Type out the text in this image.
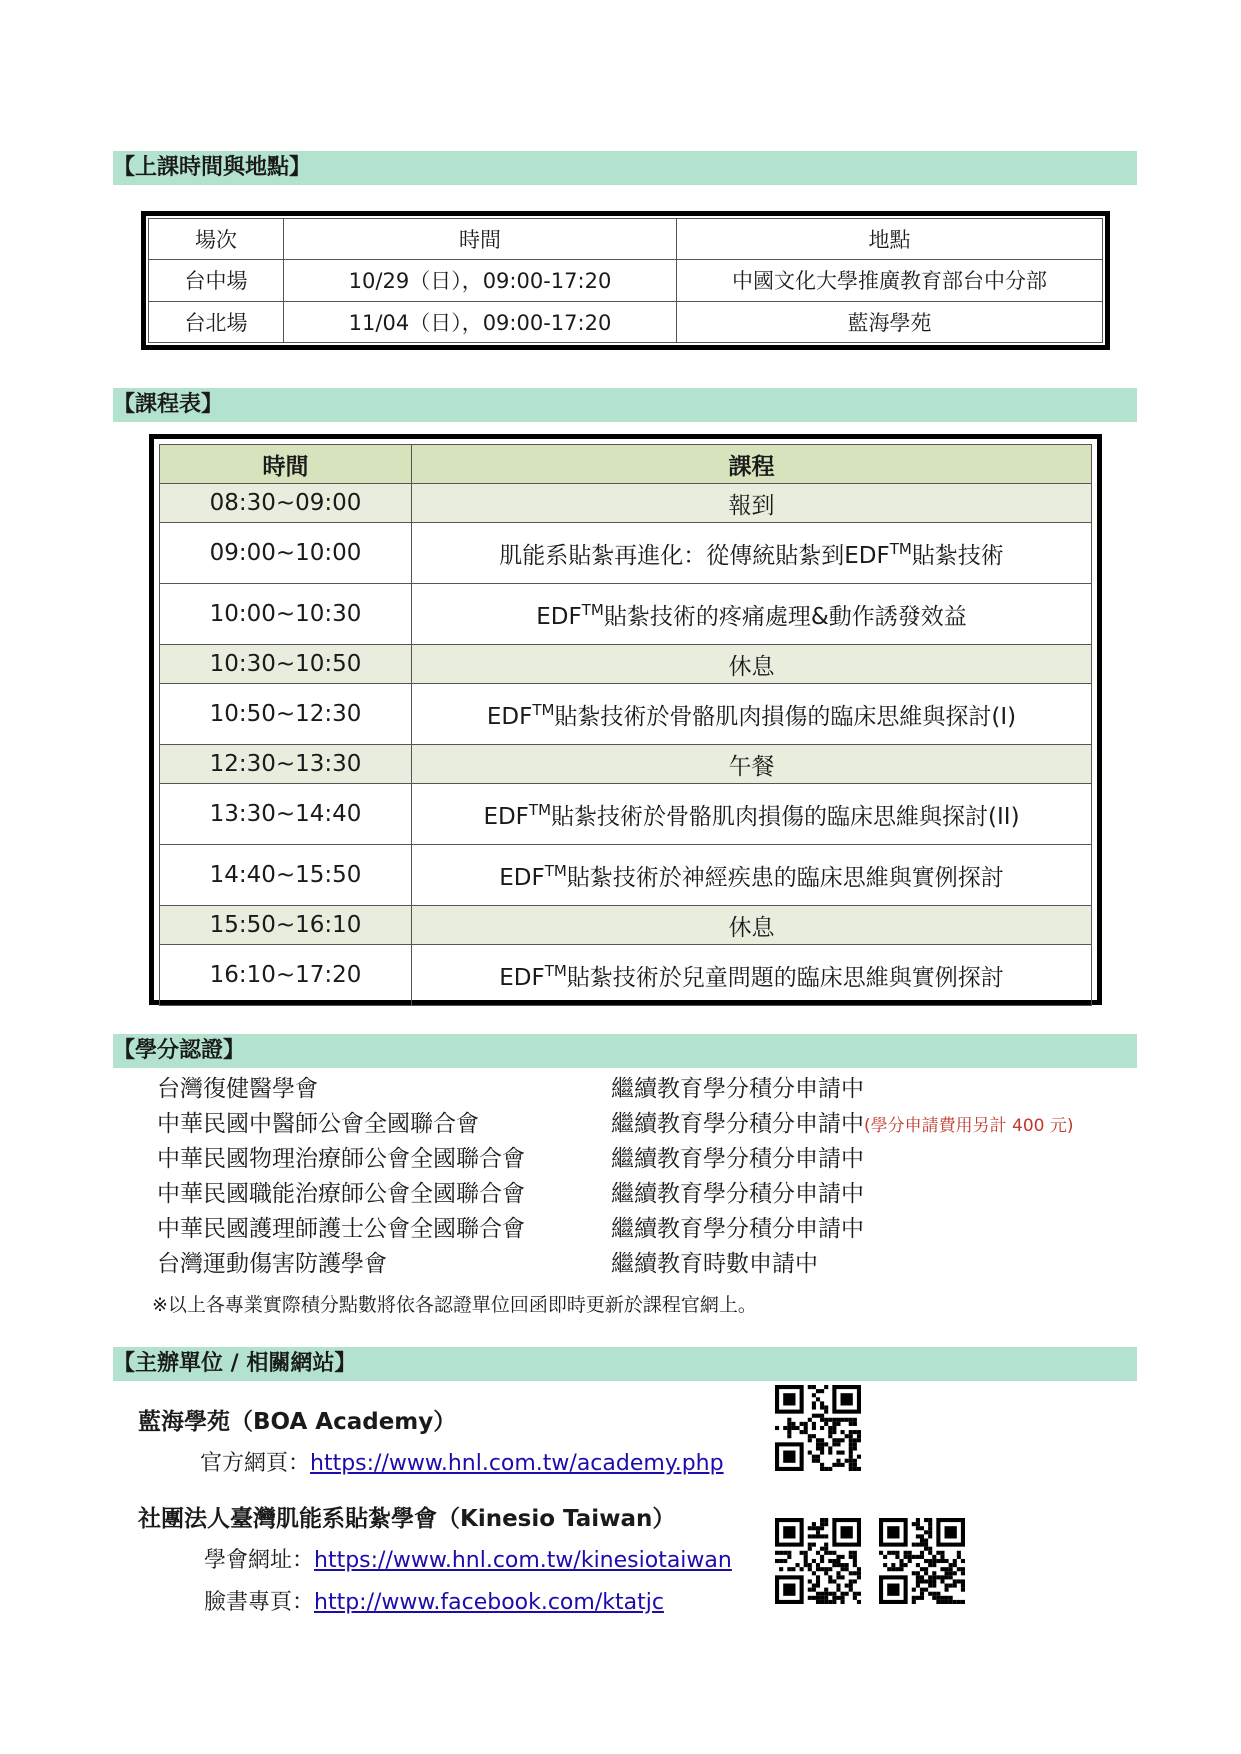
【上課時間與地點】
場次	時間	地點
台中場	10/29（日），09:00-17:20	中國文化大學推廣教育部台中分部
台北場	11/04（日），09:00-17:20	藍海學苑
【課程表】
時間	課程
08:30~09:00	報到
09:00~10:00	肌能系貼紮再進化：從傳統貼紮到EDF™貼紮技術
10:00~10:30	EDF™貼紮技術的疼痛處理&動作誘發效益
10:30~10:50	休息
10:50~12:30	EDF™貼紮技術於骨骼肌肉損傷的臨床思維與探討(I)
12:30~13:30	午餐
13:30~14:40	EDF™貼紮技術於骨骼肌肉損傷的臨床思維與探討(II)
14:40~15:50	EDF™貼紮技術於神經疾患的臨床思維與實例探討
15:50~16:10	休息
16:10~17:20	EDF™貼紮技術於兒童問題的臨床思維與實例探討
【學分認證】
台灣復健醫學會	繼續教育學分積分申請中
中華民國中醫師公會全國聯合會	繼續教育學分積分申請中(學分申請費用另計 400 元)
中華民國物理治療師公會全國聯合會	繼續教育學分積分申請中
中華民國職能治療師公會全國聯合會	繼續教育學分積分申請中
中華民國護理師護士公會全國聯合會	繼續教育學分積分申請中
台灣運動傷害防護學會	繼續教育時數申請中
※以上各專業實際積分點數將依各認證單位回函即時更新於課程官網上。
【主辦單位 / 相關網站】
藍海學苑（BOA Academy）
官方網頁：https://www.hnl.com.tw/academy.php
社團法人臺灣肌能系貼紮學會（Kinesio Taiwan）
學會網址：https://www.hnl.com.tw/kinesiotaiwan
臉書專頁：http://www.facebook.com/ktatjc
